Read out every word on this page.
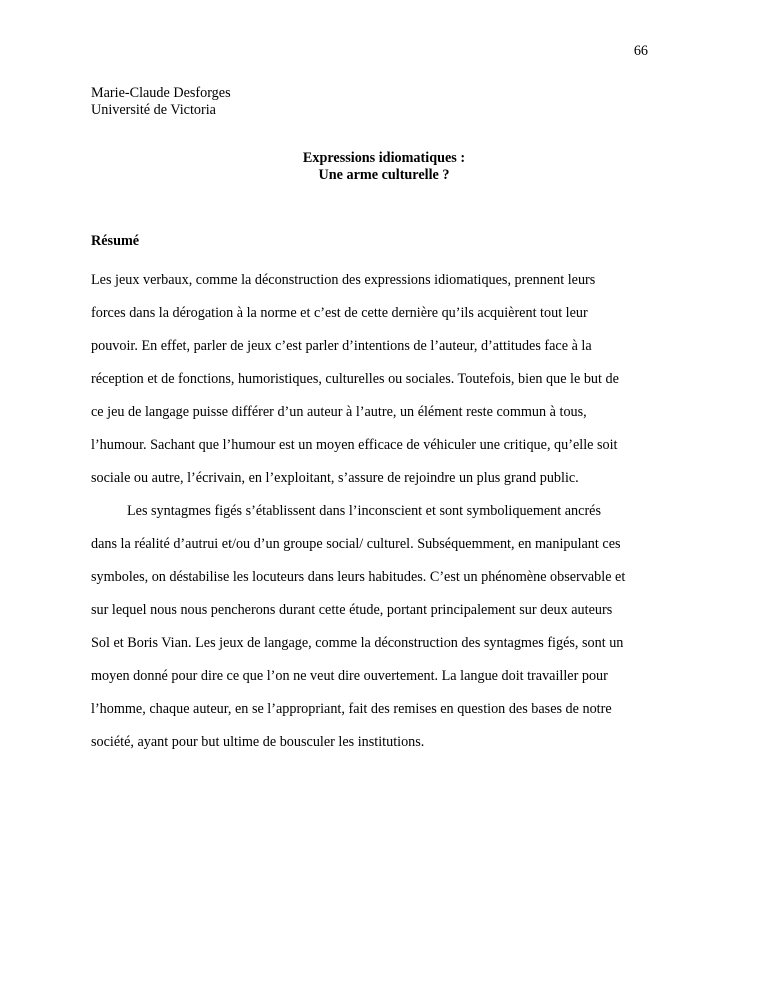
66
Marie-Claude Desforges
Université de Victoria
Expressions idiomatiques :
Une arme culturelle ?
Résumé

Les jeux verbaux, comme la déconstruction des expressions idiomatiques, prennent leurs
forces dans la dérogation à la norme et c’est de cette dernière qu’ils acquièrent tout leur
pouvoir. En effet, parler de jeux c’est parler d’intentions de l’auteur, d’attitudes face à la
réception et de fonctions, humoristiques, culturelles ou sociales. Toutefois, bien que le but de
ce jeu de langage puisse différer d’un auteur à l’autre, un élément reste commun à tous,
l’humour. Sachant que l’humour est un moyen efficace de véhiculer une critique, qu’elle soit
sociale ou autre, l’écrivain, en l’exploitant, s’assure de rejoindre un plus grand public.

Les syntagmes figés s’établissent dans l’inconscient et sont symboliquement ancrés
dans la réalité d’autrui et/ou d’un groupe social/ culturel. Subséquemment, en manipulant ces
symboles, on déstabilise les locuteurs dans leurs habitudes. C’est un phénomène observable et
sur lequel nous nous pencherons durant cette étude, portant principalement sur deux auteurs
Sol et Boris Vian. Les jeux de langage, comme la déconstruction des syntagmes figés, sont un
moyen donné pour dire ce que l’on ne veut dire ouvertement. La langue doit travailler pour
l’homme, chaque auteur, en se l’appropriant, fait des remises en question des bases de notre
société, ayant pour but ultime de bousculer les institutions.
